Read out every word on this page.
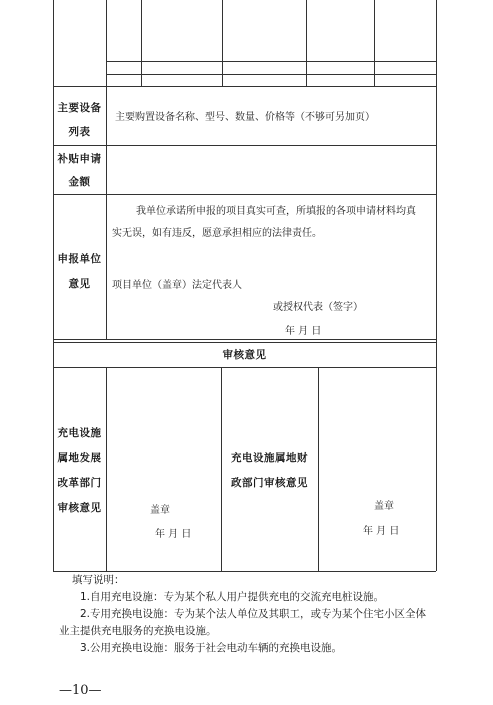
主要设备
列表
主要购置设备名称、型号、数量、价格等（不够可另加页）
补贴申请
金额
申报单位
意见
我单位承诺所申报的项目真实可查，所填报的各项申请材料均真
实无误，如有违反，愿意承担相应的法律责任。
项目单位（盖章）法定代表人
或授权代表（签字）
年 月 日
审核意见
充电设施
属地发展
改革部门
审核意见	盖章
年 月 日
充电设施属地财
政部门审核意见
盖章
年 月 日
填写说明：
1.自用充电设施：专为某个私人用户提供充电的交流充电桩设施。
2.专用充换电设施：专为某个法人单位及其职工，或专为某个住宅小区全体
业主提供充电服务的充换电设施。
3.公用充换电设施：服务于社会电动车辆的充换电设施。
—10—
